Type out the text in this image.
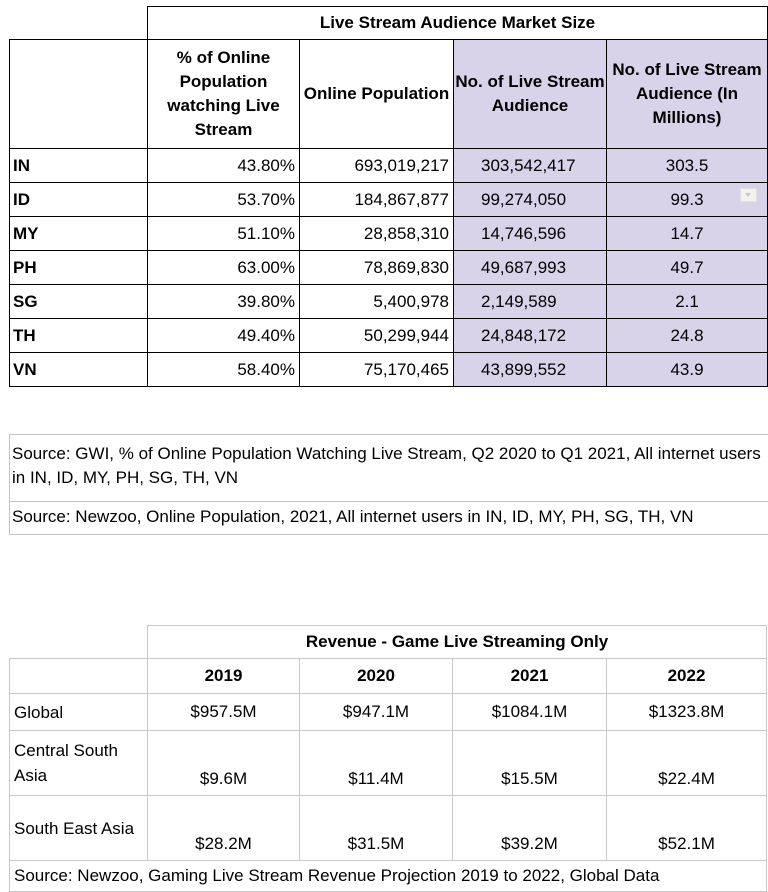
	Live Stream Audience Market Size			
	% of Online Population watching Live Stream	Online Population	No. of Live Stream Audience	No. of Live Stream Audience (In Millions)
IN	43.80%	693,019,217	303,542,417	303.5
ID	53.70%	184,867,877	99,274,050	99.3
MY	51.10%	28,858,310	14,746,596	14.7
PH	63.00%	78,869,830	49,687,993	49.7
SG	39.80%	5,400,978	2,149,589	2.1
TH	49.40%	50,299,944	24,848,172	24.8
VN	58.40%	75,170,465	43,899,552	43.9
Source: GWI, % of Online Population Watching Live Stream, Q2 2020 to Q1 2021, All internet users in IN, ID, MY, PH, SG, TH, VN
Source: Newzoo, Online Population, 2021, All internet users in IN, ID, MY, PH, SG, TH, VN
	Revenue - Game Live Streaming Only			
	2019	2020	2021	2022
Global	$957.5M	$947.1M	$1084.1M	$1323.8M
Central South Asia	$9.6M	$11.4M	$15.5M	$22.4M
South East Asia	$28.2M	$31.5M	$39.2M	$52.1M
Source: Newzoo, Gaming Live Stream Revenue Projection 2019 to 2022, Global Data				
